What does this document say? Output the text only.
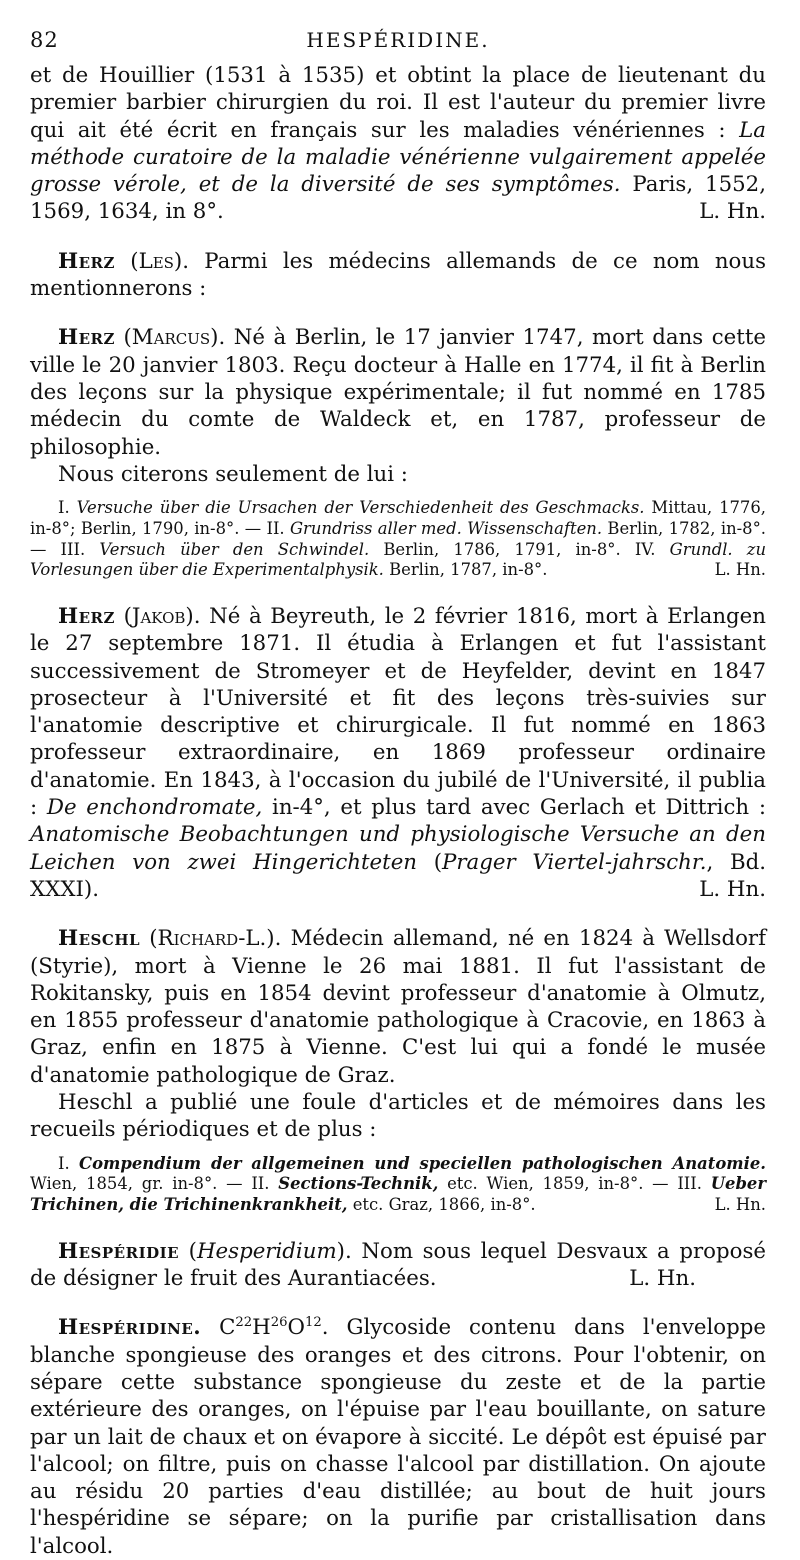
82	HESPÉRIDINE.

et de Houillier (1531 à 1535) et obtint la place de lieutenant du premier barbier chirurgien du roi. Il est l'auteur du premier livre qui ait été écrit en français sur les maladies vénériennes : La méthode curatoire de la maladie vénérienne vulgairement appelée grosse vérole, et de la diversité de ses symptômes. Paris, 1552, 1569, 1634, in 8°.	L. Hn.

Herz (Les). Parmi les médecins allemands de ce nom nous mentionnerons :

Herz (Marcus). Né à Berlin, le 17 janvier 1747, mort dans cette ville le 20 janvier 1803. Reçu docteur à Halle en 1774, il fit à Berlin des leçons sur la physique expérimentale; il fut nommé en 1785 médecin du comte de Waldeck et, en 1787, professeur de philosophie.

Nous citerons seulement de lui :

I. Versuche über die Ursachen der Verschiedenheit des Geschmacks. Mittau, 1776, in-8°; Berlin, 1790, in-8°. — II. Grundriss aller med. Wissenschaften. Berlin, 1782, in-8°. — III. Versuch über den Schwindel. Berlin, 1786, 1791, in-8°. IV. Grundl. zu Vorlesungen über die Experimentalphysik. Berlin, 1787, in-8°.	L. Hn.

Herz (Jakob). Né à Beyreuth, le 2 février 1816, mort à Erlangen le 27 septembre 1871. Il étudia à Erlangen et fut l'assistant successivement de Stromeyer et de Heyfelder, devint en 1847 prosecteur à l'Université et fit des leçons très-suivies sur l'anatomie descriptive et chirurgicale. Il fut nommé en 1863 professeur extraordinaire, en 1869 professeur ordinaire d'anatomie. En 1843, à l'occasion du jubilé de l'Université, il publia : De enchondromate, in-4°, et plus tard avec Gerlach et Dittrich : Anatomische Beobachtungen und physiologische Versuche an den Leichen von zwei Hingerichteten (Prager Viertel-jahrschr., Bd. XXXI).	L. Hn.

Heschl (Richard-L.). Médecin allemand, né en 1824 à Wellsdorf (Styrie), mort à Vienne le 26 mai 1881. Il fut l'assistant de Rokitansky, puis en 1854 devint professeur d'anatomie à Olmutz, en 1855 professeur d'anatomie pathologique à Cracovie, en 1863 à Graz, enfin en 1875 à Vienne. C'est lui qui a fondé le musée d'anatomie pathologique de Graz.

Heschl a publié une foule d'articles et de mémoires dans les recueils périodiques et de plus :

I. Compendium der allgemeinen und speciellen pathologischen Anatomie. Wien, 1854, gr. in-8°. — II. Sections-Technik, etc. Wien, 1859, in-8°. — III. Ueber Trichinen, die Trichinenkrankheit, etc. Graz, 1866, in-8°.	L. Hn.

Hespéridie (Hesperidium). Nom sous lequel Desvaux a proposé de désigner le fruit des Aurantiacées.	L. Hn.

Hespéridine. $C^{22}H^{26}O^{12}$. Glycoside contenu dans l'enveloppe blanche spongieuse des oranges et des citrons. Pour l'obtenir, on sépare cette substance spongieuse du zeste et de la partie extérieure des oranges, on l'épuise par l'eau bouillante, on sature par un lait de chaux et on évapore à siccité. Le dépôt est épuisé par l'alcool; on filtre, puis on chasse l'alcool par distillation. On ajoute au résidu 20 parties d'eau distillée; au bout de huit jours l'hespéridine se sépare; on la purifie par cristallisation dans l'alcool.
